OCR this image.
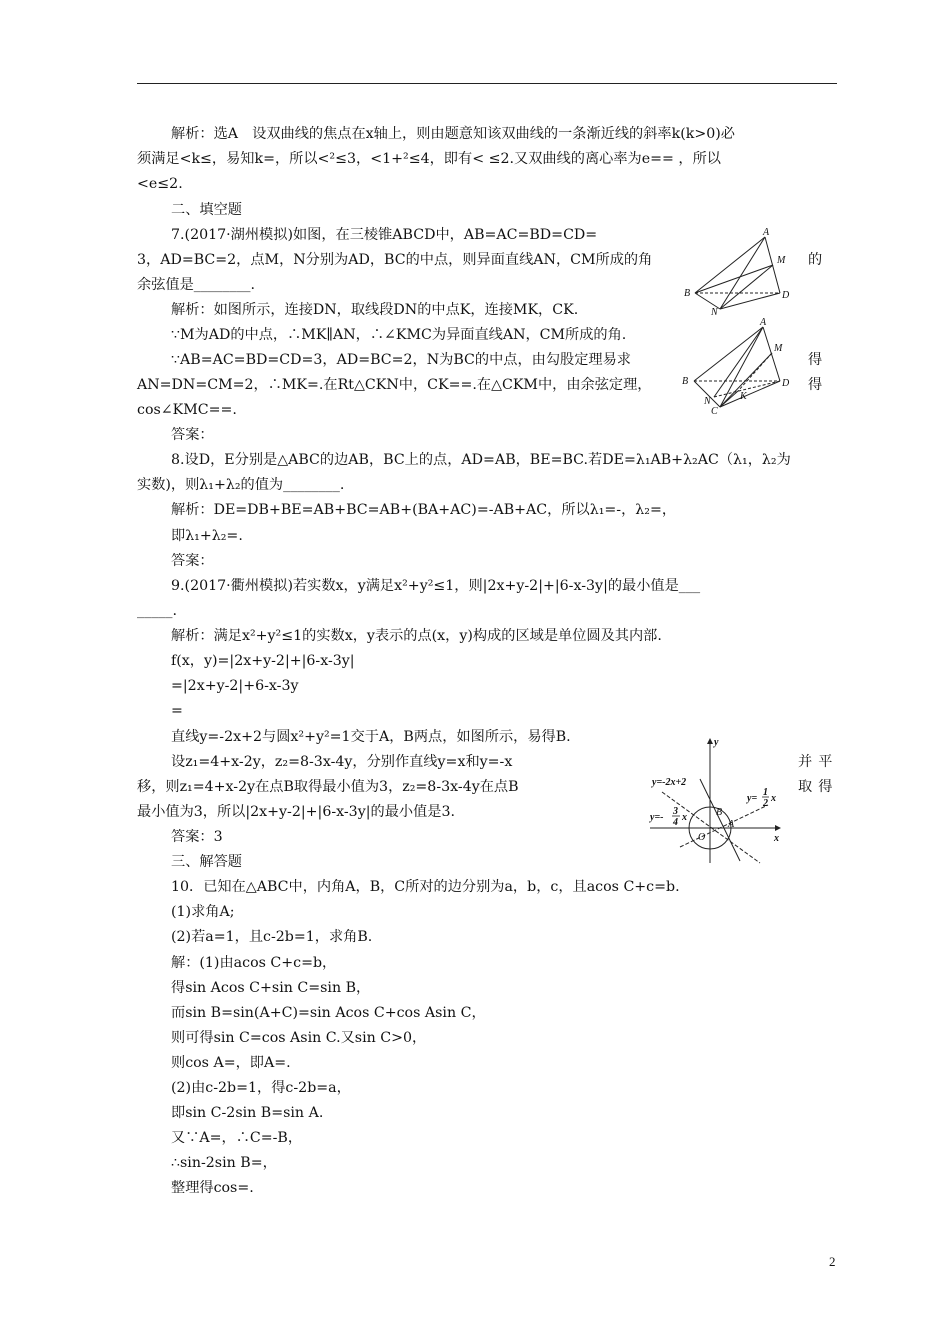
解析：选A　设双曲线的焦点在x轴上，则由题意知该双曲线的一条渐近线的斜率k(k>0)必
须满足<k≤，易知k=，所以<²≤3，<1+²≤4，即有< ≤2.又双曲线的离心率为e== ，所以
<e≤2.
二、填空题
7.(2017·湖州模拟)如图，在三棱锥ABCD中，AB=AC=BD=CD=
3，AD=BC=2，点M，N分别为AD，BC的中点，则异面直线AN，CM所成的角	的
余弦值是________.
解析：如图所示，连接DN，取线段DN的中点K，连接MK，CK.
∵M为AD的中点，∴MK∥AN，∴∠KMC为异面直线AN，CM所成的角.
∵AB=AC=BD=CD=3，AD=BC=2，N为BC的中点，由勾股定理易求	得
AN=DN=CM=2，∴MK=.在Rt△CKN中，CK==.在△CKM中，由余弦定理，	得
cos∠KMC==.
答案：
8.设D，E分别是△ABC的边AB，BC上的点，AD=AB，BE=BC.若DE=λ₁AB+λ₂AC（λ₁，λ₂为
实数)，则λ₁+λ₂的值为________.
解析：DE=DB+BE=AB+BC=AB+(BA+AC)=-AB+AC，所以λ₁=-，λ₂=，
即λ₁+λ₂=.
答案：
9.(2017·衢州模拟)若实数x，y满足x²+y²≤1，则|2x+y-2|+|6-x-3y|的最小值是___
_____.
解析：满足x²+y²≤1的实数x，y表示的点(x，y)构成的区域是单位圆及其内部.
f(x，y)=|2x+y-2|+|6-x-3y|
=|2x+y-2|+6-x-3y
=
直线y=-2x+2与圆x²+y²=1交于A，B两点，如图所示，易得B.
设z₁=4+x-2y，z₂=8-3x-4y，分别作直线y=x和y=-x	并平
移，则z₁=4+x-2y在点B取得最小值为3，z₂=8-3x-4y在点B	取得
最小值为3，所以|2x+y-2|+|6-x-3y|的最小值是3.
答案：3
三、解答题
10．已知在△ABC中，内角A，B，C所对的边分别为a，b，c，且acos C+c=b.
(1)求角A;
(2)若a=1，且c-2b=1，求角B.
解：(1)由acos C+c=b，
得sin Acos C+sin C=sin B，
而sin B=sin(A+C)=sin Acos C+cos Asin C，
则可得sin C=cos Asin C.又sin C>0，
则cos A=，即A=.
(2)由c-2b=1，得c-2b=a，
即sin C-2sin B=sin A.
又∵A=，∴C=-B，
∴sin-2sin B=，
整理得cos=.
A
M
B	D
N
A
M
B	D
N
C
K
y=-2x+2
y=-
3
4 x
y=
1
2 x
y
x
O
A
B
2
